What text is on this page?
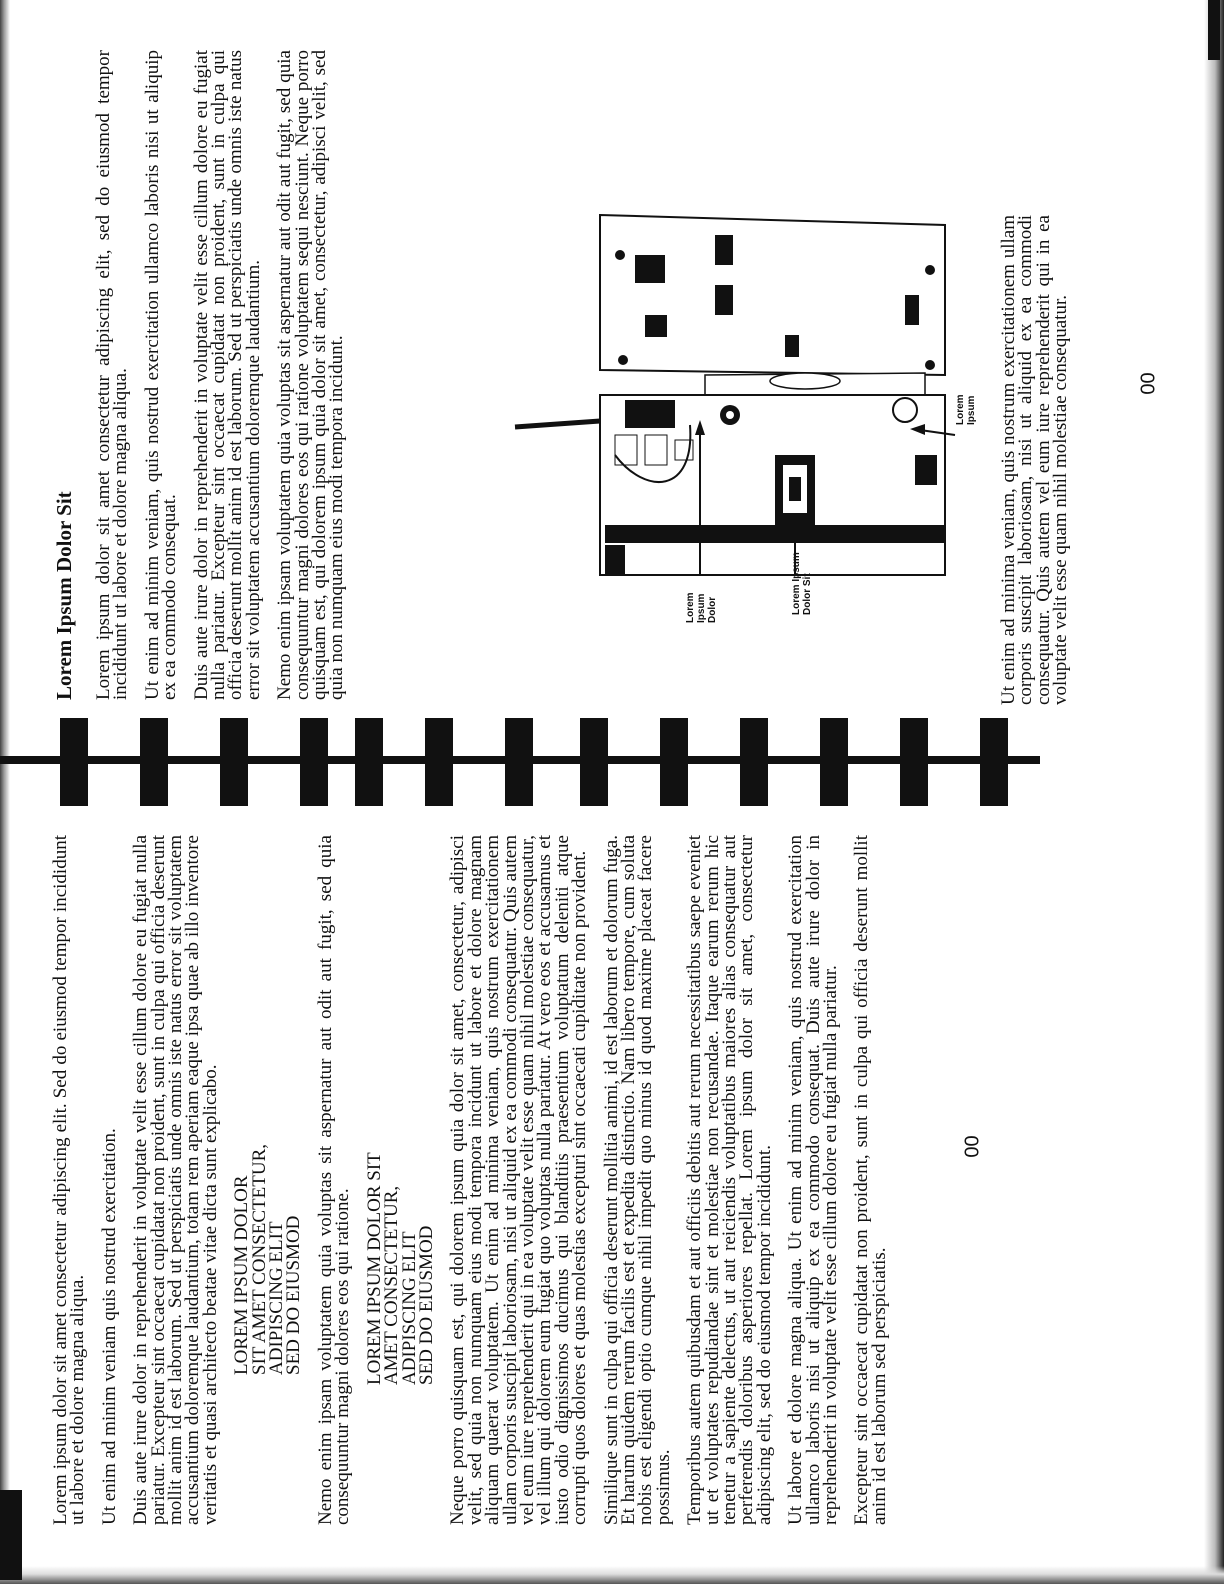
Lorem ipsum dolor sit amet consectetur adipiscing elit. Sed do eiusmod tempor incididunt ut labore et dolore magna aliqua. Ut enim ad minim veniam quis nostrud exercitation. Duis aute irure dolor in reprehenderit in voluptate velit esse cillum dolore eu fugiat nulla pariatur. Excepteur sint occaecat cupidatat non proident, sunt in culpa qui officia deserunt mollit anim id est laborum. Sed ut perspiciatis unde omnis iste natus error sit voluptatem accusantium doloremque laudantium, totam rem aperiam eaque ipsa quae ab illo inventore veritatis et quasi architecto beatae vitae dicta sunt explicabo. LOREM IPSUM DOLOR
SIT AMET CONSECTETUR,
ADIPISCING ELIT
SED DO EIUSMOD Nemo enim ipsam voluptatem quia voluptas sit aspernatur aut odit aut fugit, sed quia consequuntur magni dolores eos qui ratione. LOREM IPSUM DOLOR SIT
AMET CONSECTETUR,
ADIPISCING ELIT
SED DO EIUSMOD Neque porro quisquam est, qui dolorem ipsum quia dolor sit amet, consectetur, adipisci velit, sed quia non numquam eius modi tempora incidunt ut labore et dolore magnam aliquam quaerat voluptatem. Ut enim ad minima veniam, quis nostrum exercitationem ullam corporis suscipit laboriosam, nisi ut aliquid ex ea commodi consequatur. Quis autem vel eum iure reprehenderit qui in ea voluptate velit esse quam nihil molestiae consequatur, vel illum qui dolorem eum fugiat quo voluptas nulla pariatur. At vero eos et accusamus et iusto odio dignissimos ducimus qui blanditiis praesentium voluptatum deleniti atque corrupti quos dolores et quas molestias excepturi sint occaecati cupiditate non provident. Similique sunt in culpa qui officia deserunt mollitia animi, id est laborum et dolorum fuga. Et harum quidem rerum facilis est et expedita distinctio. Nam libero tempore, cum soluta nobis est eligendi optio cumque nihil impedit quo minus id quod maxime placeat facere possimus. Temporibus autem quibusdam et aut officiis debitis aut rerum necessitatibus saepe eveniet ut et voluptates repudiandae sint et molestiae non recusandae. Itaque earum rerum hic tenetur a sapiente delectus, ut aut reiciendis voluptatibus maiores alias consequatur aut perferendis doloribus asperiores repellat. Lorem ipsum dolor sit amet, consectetur adipiscing elit, sed do eiusmod tempor incididunt. Ut labore et dolore magna aliqua. Ut enim ad minim veniam, quis nostrud exercitation ullamco laboris nisi ut aliquip ex ea commodo consequat. Duis aute irure dolor in reprehenderit in voluptate velit esse cillum dolore eu fugiat nulla pariatur. Excepteur sint occaecat cupidatat non proident, sunt in culpa qui officia deserunt mollit anim id est laborum sed perspiciatis.

00
Lorem Ipsum Dolor Sit Lorem ipsum dolor sit amet consectetur adipiscing elit, sed do eiusmod tempor incididunt ut labore et dolore magna aliqua. Ut enim ad minim veniam, quis nostrud exercitation ullamco laboris nisi ut aliquip ex ea commodo consequat. Duis aute irure dolor in reprehenderit in voluptate velit esse cillum dolore eu fugiat nulla pariatur. Excepteur sint occaecat cupidatat non proident, sunt in culpa qui officia deserunt mollit anim id est laborum. Sed ut perspiciatis unde omnis iste natus error sit voluptatem accusantium doloremque laudantium. Nemo enim ipsam voluptatem quia voluptas sit aspernatur aut odit aut fugit, sed quia consequuntur magni dolores eos qui ratione voluptatem sequi nesciunt. Neque porro quisquam est, qui dolorem ipsum quia dolor sit amet, consectetur, adipisci velit, sed quia non numquam eius modi tempora incidunt.	Lorem
Ipsum
Dolor	Lorem Ipsum
Dolor Sit
Lorem
Ipsum Ut enim ad minima veniam, quis nostrum exercitationem ullam corporis suscipit laboriosam, nisi ut aliquid ex ea commodi consequatur. Quis autem vel eum iure reprehenderit qui in ea voluptate velit esse quam nihil molestiae consequatur.	00
